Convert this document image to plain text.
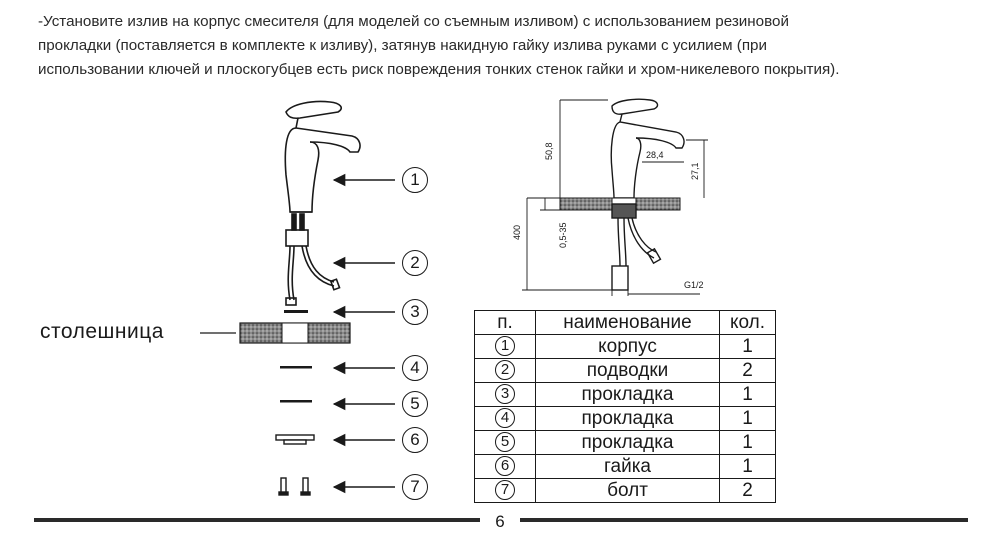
-Установите излив на корпус смесителя (для моделей со съемным изливом) с использованием резиновой
прокладки (поставляется в комплекте к изливу), затянув накидную гайку излива руками с усилием (при
использовании ключей и плоскогубцев есть риск повреждения тонких стенок гайки и хром-никелевого покрытия).

50,8
400	0,5-35
28,4
27,1
G1/2
столешница
1
2
3
4
5
6
7
п.	наименование	кол.
1	корпус	1
2	подводки	2
3	прокладка	1
4	прокладка	1
5	прокладка	1
6	гайка	1
7	болт	2
6
